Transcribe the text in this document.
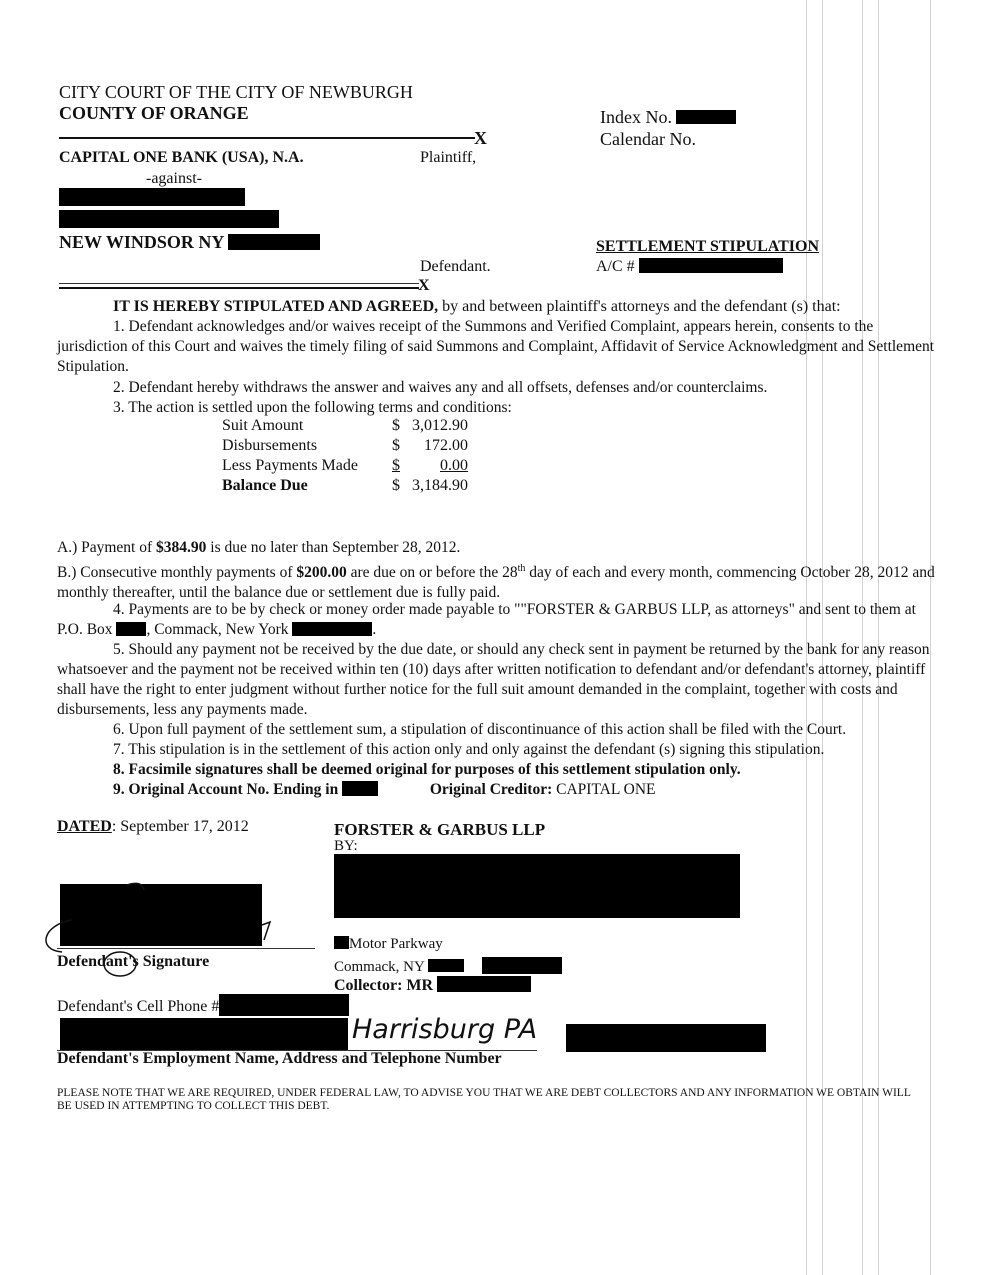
CITY COURT OF THE CITY OF NEWBURGH
COUNTY OF ORANGE	Index No.
Calendar No.
X
CAPITAL ONE BANK (USA), N.A.	Plaintiff,
-against-
NEW WINDSOR NY	SETTLEMENT STIPULATION
Defendant.	A/C #
X
IT IS HEREBY STIPULATED AND AGREED, by and between plaintiff's attorneys and the defendant (s) that:
1. Defendant acknowledges and/or waives receipt of the Summons and Verified Complaint, appears herein, consents to the jurisdiction of this Court and waives the timely filing of said Summons and Complaint, Affidavit of Service Acknowledgment and Settlement Stipulation.
2. Defendant hereby withdraws the answer and waives any and all offsets, defenses and/or counterclaims.
3. The action is settled upon the following terms and conditions:
Suit Amount	$	3,012.90
Disbursements	$	172.00
Less Payments Made	$	0.00
Balance Due	$	3,184.90
A.) Payment of $384.90 is due no later than September 28, 2012.
B.) Consecutive monthly payments of $200.00 are due on or before the 28th day of each and every month, commencing October 28, 2012 and monthly thereafter, until the balance due or settlement due is fully paid.
4. Payments are to be by check or money order made payable to ""FORSTER & GARBUS LLP, as attorneys" and sent to them at P.O. Box , Commack, New York	.
5. Should any payment not be received by the due date, or should any check sent in payment be returned by the bank for any reason whatsoever and the payment not be received within ten (10) days after written notification to defendant and/or defendant's attorney, plaintiff shall have the right to enter judgment without further notice for the full suit amount demanded in the complaint, together with costs and disbursements, less any payments made.
6. Upon full payment of the settlement sum, a stipulation of discontinuance of this action shall be filed with the Court.
7. This stipulation is in the settlement of this action only and only against the defendant (s) signing this stipulation.
8. Facsimile signatures shall be deemed original for purposes of this settlement stipulation only.
9. Original Account No. Ending in	Original Creditor: CAPITAL ONE
DATED: September 17, 2012	FORSTER & GARBUS LLP
BY:
Defendant's Signature
Motor Parkway
Commack, NY
Collector: MR
Defendant's Cell Phone #
Harrisburg PA
Defendant's Employment Name, Address and Telephone Number
PLEASE NOTE THAT WE ARE REQUIRED, UNDER FEDERAL LAW, TO ADVISE YOU THAT WE ARE DEBT COLLECTORS AND ANY INFORMATION WE OBTAIN WILL BE USED IN ATTEMPTING TO COLLECT THIS DEBT.
